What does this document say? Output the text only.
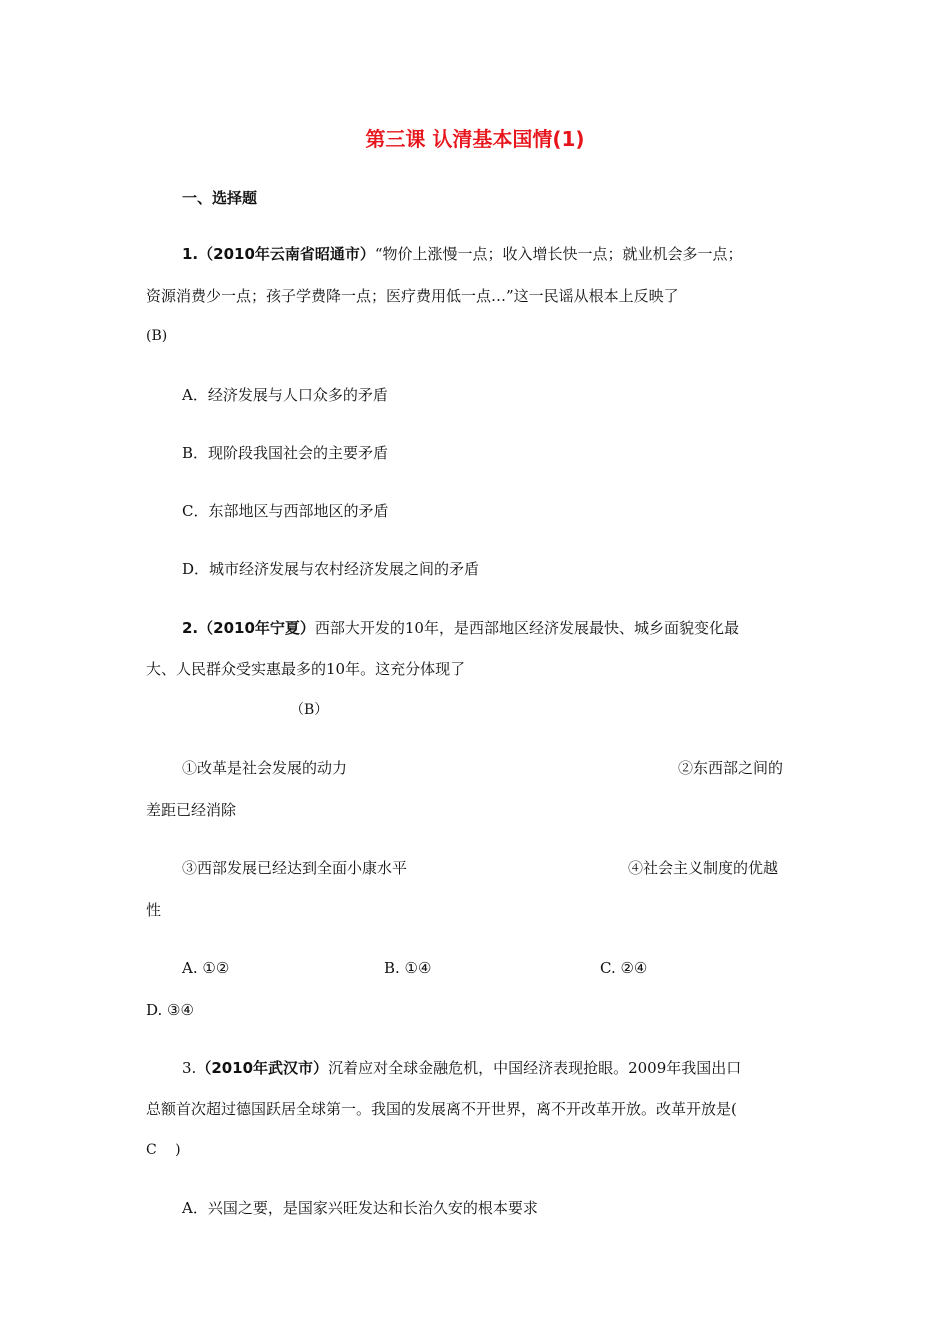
第三课 认清基本国情(1)
一、选择题
1.（2010年云南省昭通市）“物价上涨慢一点；收入增长快一点；就业机会多一点；
资源消费少一点；孩子学费降一点；医疗费用低一点…”这一民谣从根本上反映了
(B)
A．经济发展与人口众多的矛盾
B．现阶段我国社会的主要矛盾
C．东部地区与西部地区的矛盾
D．城市经济发展与农村经济发展之间的矛盾
2.（2010年宁夏）西部大开发的10年，是西部地区经济发展最快、城乡面貌变化最
大、人民群众受实惠最多的10年。这充分体现了
（B）
①改革是社会发展的动力	②东西部之间的
差距已经消除
③西部发展已经达到全面小康水平	④社会主义制度的优越
性
A. ①②	B. ①④	C. ②④
D. ③④
3.（2010年武汉市）沉着应对全球金融危机，中国经济表现抢眼。2009年我国出口
总额首次超过德国跃居全球第一。我国的发展离不开世界，离不开改革开放。改革开放是(
C　 )
A．兴国之要，是国家兴旺发达和长治久安的根本要求
